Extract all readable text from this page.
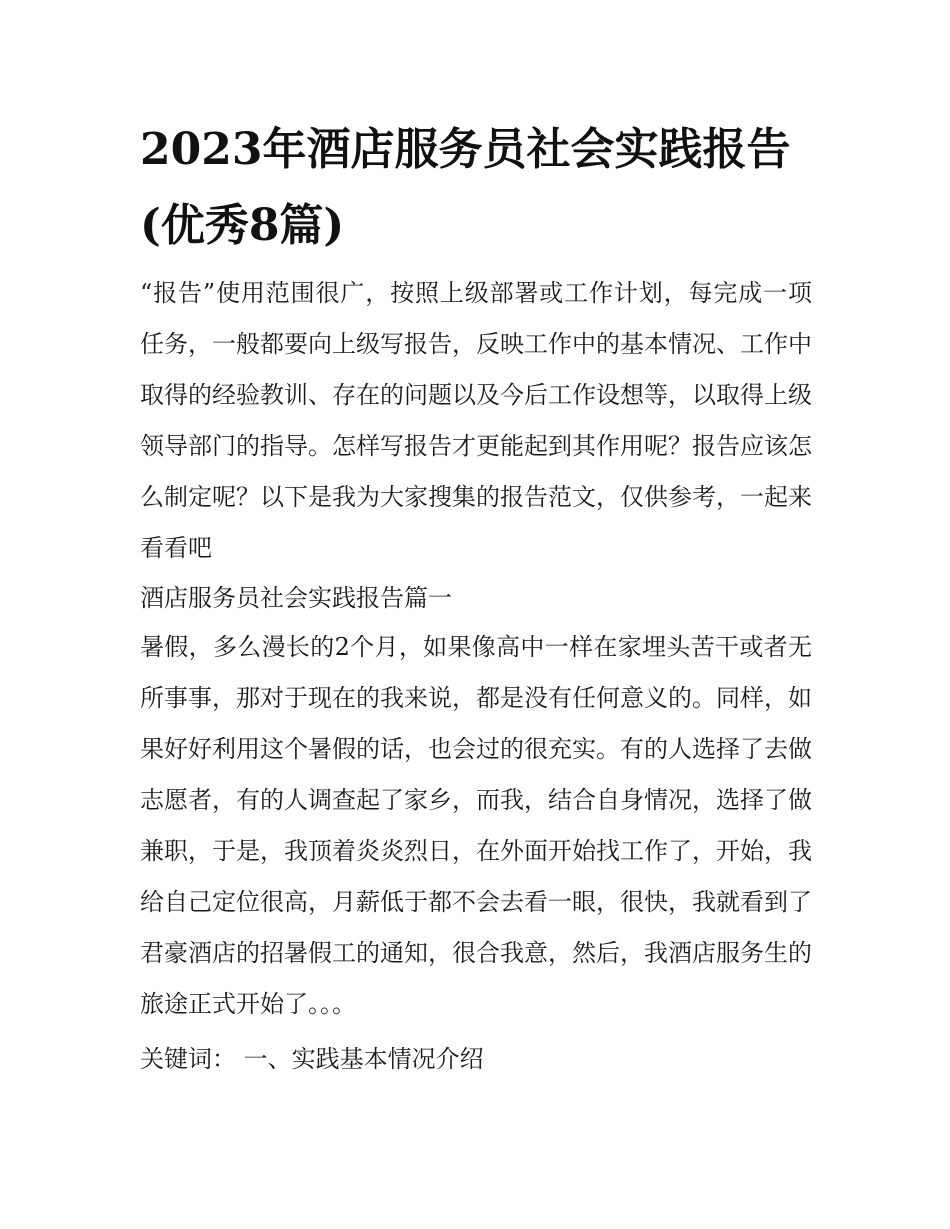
2023年酒店服务员社会实践报告(优秀8篇)

“报告”使用范围很广，按照上级部署或工作计划，每完成一项任务，一般都要向上级写报告，反映工作中的基本情况、工作中取得的经验教训、存在的问题以及今后工作设想等，以取得上级领导部门的指导。怎样写报告才更能起到其作用呢？报告应该怎么制定呢？以下是我为大家搜集的报告范文，仅供参考，一起来看看吧

酒店服务员社会实践报告篇一

暑假，多么漫长的2个月，如果像高中一样在家埋头苦干或者无所事事，那对于现在的我来说，都是没有任何意义的。同样，如果好好利用这个暑假的话，也会过的很充实。有的人选择了去做志愿者，有的人调查起了家乡，而我，结合自身情况，选择了做兼职，于是，我顶着炎炎烈日，在外面开始找工作了，开始，我给自己定位很高，月薪低于都不会去看一眼，很快，我就看到了君豪酒店的招暑假工的通知，很合我意，然后，我酒店服务生的旅途正式开始了。。。

关键词： 一、实践基本情况介绍
